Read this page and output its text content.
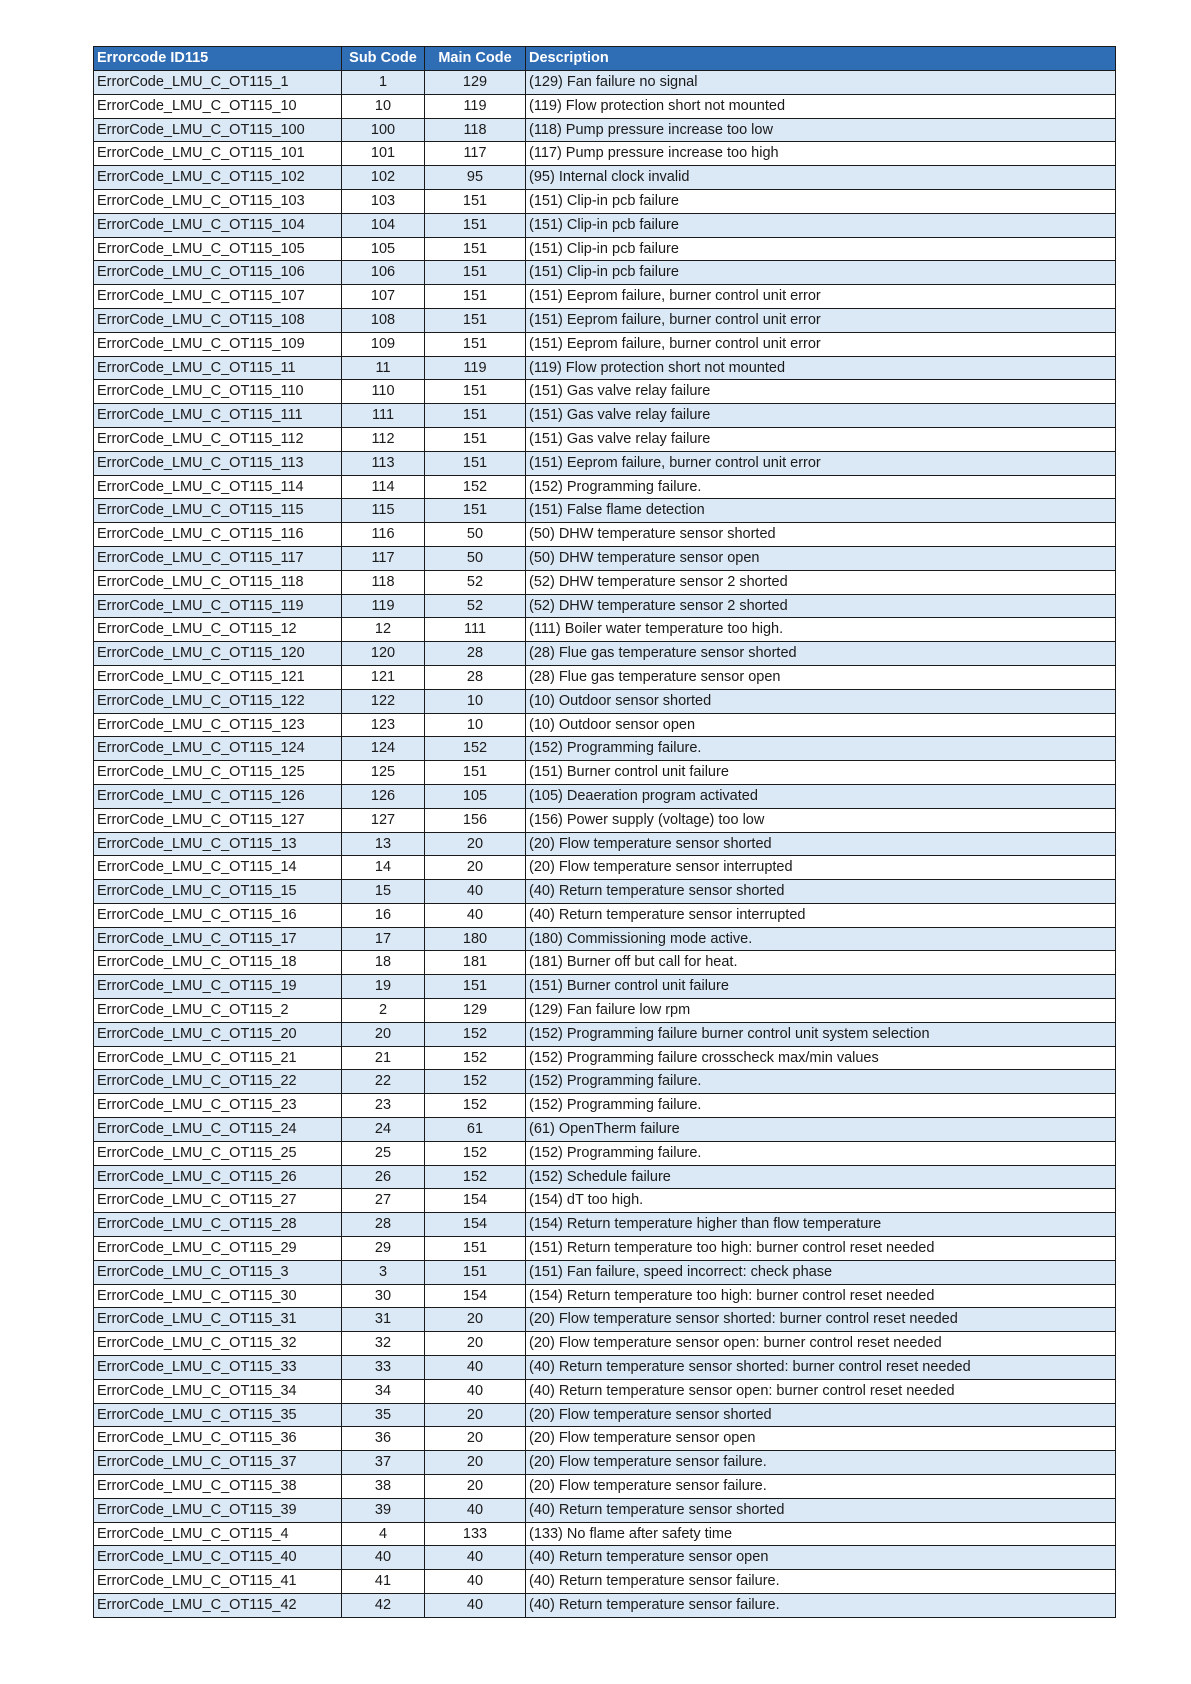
Errorcode ID115	Sub Code	Main Code	Description
ErrorCode_LMU_C_OT115_1	1	129	(129) Fan failure no signal
ErrorCode_LMU_C_OT115_10	10	119	(119) Flow protection short not mounted
ErrorCode_LMU_C_OT115_100	100	118	(118) Pump pressure increase too low
ErrorCode_LMU_C_OT115_101	101	117	(117) Pump pressure increase too high
ErrorCode_LMU_C_OT115_102	102	95	(95) Internal clock invalid
ErrorCode_LMU_C_OT115_103	103	151	(151) Clip-in pcb failure
ErrorCode_LMU_C_OT115_104	104	151	(151) Clip-in pcb failure
ErrorCode_LMU_C_OT115_105	105	151	(151) Clip-in pcb failure
ErrorCode_LMU_C_OT115_106	106	151	(151) Clip-in pcb failure
ErrorCode_LMU_C_OT115_107	107	151	(151) Eeprom failure, burner control unit error
ErrorCode_LMU_C_OT115_108	108	151	(151) Eeprom failure, burner control unit error
ErrorCode_LMU_C_OT115_109	109	151	(151) Eeprom failure, burner control unit error
ErrorCode_LMU_C_OT115_11	11	119	(119) Flow protection short not mounted
ErrorCode_LMU_C_OT115_110	110	151	(151) Gas valve relay failure
ErrorCode_LMU_C_OT115_111	111	151	(151) Gas valve relay failure
ErrorCode_LMU_C_OT115_112	112	151	(151) Gas valve relay failure
ErrorCode_LMU_C_OT115_113	113	151	(151) Eeprom failure, burner control unit error
ErrorCode_LMU_C_OT115_114	114	152	(152) Programming failure.
ErrorCode_LMU_C_OT115_115	115	151	(151) False flame detection
ErrorCode_LMU_C_OT115_116	116	50	(50) DHW temperature sensor shorted
ErrorCode_LMU_C_OT115_117	117	50	(50) DHW temperature sensor open
ErrorCode_LMU_C_OT115_118	118	52	(52) DHW temperature sensor 2 shorted
ErrorCode_LMU_C_OT115_119	119	52	(52) DHW temperature sensor 2 shorted
ErrorCode_LMU_C_OT115_12	12	111	(111) Boiler water temperature too high.
ErrorCode_LMU_C_OT115_120	120	28	(28) Flue gas temperature sensor shorted
ErrorCode_LMU_C_OT115_121	121	28	(28) Flue gas temperature sensor open
ErrorCode_LMU_C_OT115_122	122	10	(10) Outdoor sensor shorted
ErrorCode_LMU_C_OT115_123	123	10	(10) Outdoor sensor open
ErrorCode_LMU_C_OT115_124	124	152	(152) Programming failure.
ErrorCode_LMU_C_OT115_125	125	151	(151) Burner control unit failure
ErrorCode_LMU_C_OT115_126	126	105	(105) Deaeration program activated
ErrorCode_LMU_C_OT115_127	127	156	(156) Power supply (voltage) too low
ErrorCode_LMU_C_OT115_13	13	20	(20) Flow temperature sensor shorted
ErrorCode_LMU_C_OT115_14	14	20	(20) Flow temperature sensor interrupted
ErrorCode_LMU_C_OT115_15	15	40	(40) Return temperature sensor shorted
ErrorCode_LMU_C_OT115_16	16	40	(40) Return temperature sensor interrupted
ErrorCode_LMU_C_OT115_17	17	180	(180) Commissioning mode active.
ErrorCode_LMU_C_OT115_18	18	181	(181) Burner off but call for heat.
ErrorCode_LMU_C_OT115_19	19	151	(151) Burner control unit failure
ErrorCode_LMU_C_OT115_2	2	129	(129) Fan failure low rpm
ErrorCode_LMU_C_OT115_20	20	152	(152) Programming failure burner control unit system selection
ErrorCode_LMU_C_OT115_21	21	152	(152) Programming failure crosscheck max/min values
ErrorCode_LMU_C_OT115_22	22	152	(152) Programming failure.
ErrorCode_LMU_C_OT115_23	23	152	(152) Programming failure.
ErrorCode_LMU_C_OT115_24	24	61	(61) OpenTherm failure
ErrorCode_LMU_C_OT115_25	25	152	(152) Programming failure.
ErrorCode_LMU_C_OT115_26	26	152	(152) Schedule failure
ErrorCode_LMU_C_OT115_27	27	154	(154) dT too high.
ErrorCode_LMU_C_OT115_28	28	154	(154) Return temperature higher than flow temperature
ErrorCode_LMU_C_OT115_29	29	151	(151) Return temperature too high: burner control reset needed
ErrorCode_LMU_C_OT115_3	3	151	(151) Fan failure, speed incorrect: check phase
ErrorCode_LMU_C_OT115_30	30	154	(154) Return temperature too high: burner control reset needed
ErrorCode_LMU_C_OT115_31	31	20	(20) Flow temperature sensor shorted: burner control reset needed
ErrorCode_LMU_C_OT115_32	32	20	(20) Flow temperature sensor open: burner control reset needed
ErrorCode_LMU_C_OT115_33	33	40	(40) Return temperature sensor shorted: burner control reset needed
ErrorCode_LMU_C_OT115_34	34	40	(40) Return temperature sensor open: burner control reset needed
ErrorCode_LMU_C_OT115_35	35	20	(20) Flow temperature sensor shorted
ErrorCode_LMU_C_OT115_36	36	20	(20) Flow temperature sensor open
ErrorCode_LMU_C_OT115_37	37	20	(20) Flow temperature sensor failure.
ErrorCode_LMU_C_OT115_38	38	20	(20) Flow temperature sensor failure.
ErrorCode_LMU_C_OT115_39	39	40	(40) Return temperature sensor shorted
ErrorCode_LMU_C_OT115_4	4	133	(133) No flame after safety time
ErrorCode_LMU_C_OT115_40	40	40	(40) Return temperature sensor open
ErrorCode_LMU_C_OT115_41	41	40	(40) Return temperature sensor failure.
ErrorCode_LMU_C_OT115_42	42	40	(40) Return temperature sensor failure.
